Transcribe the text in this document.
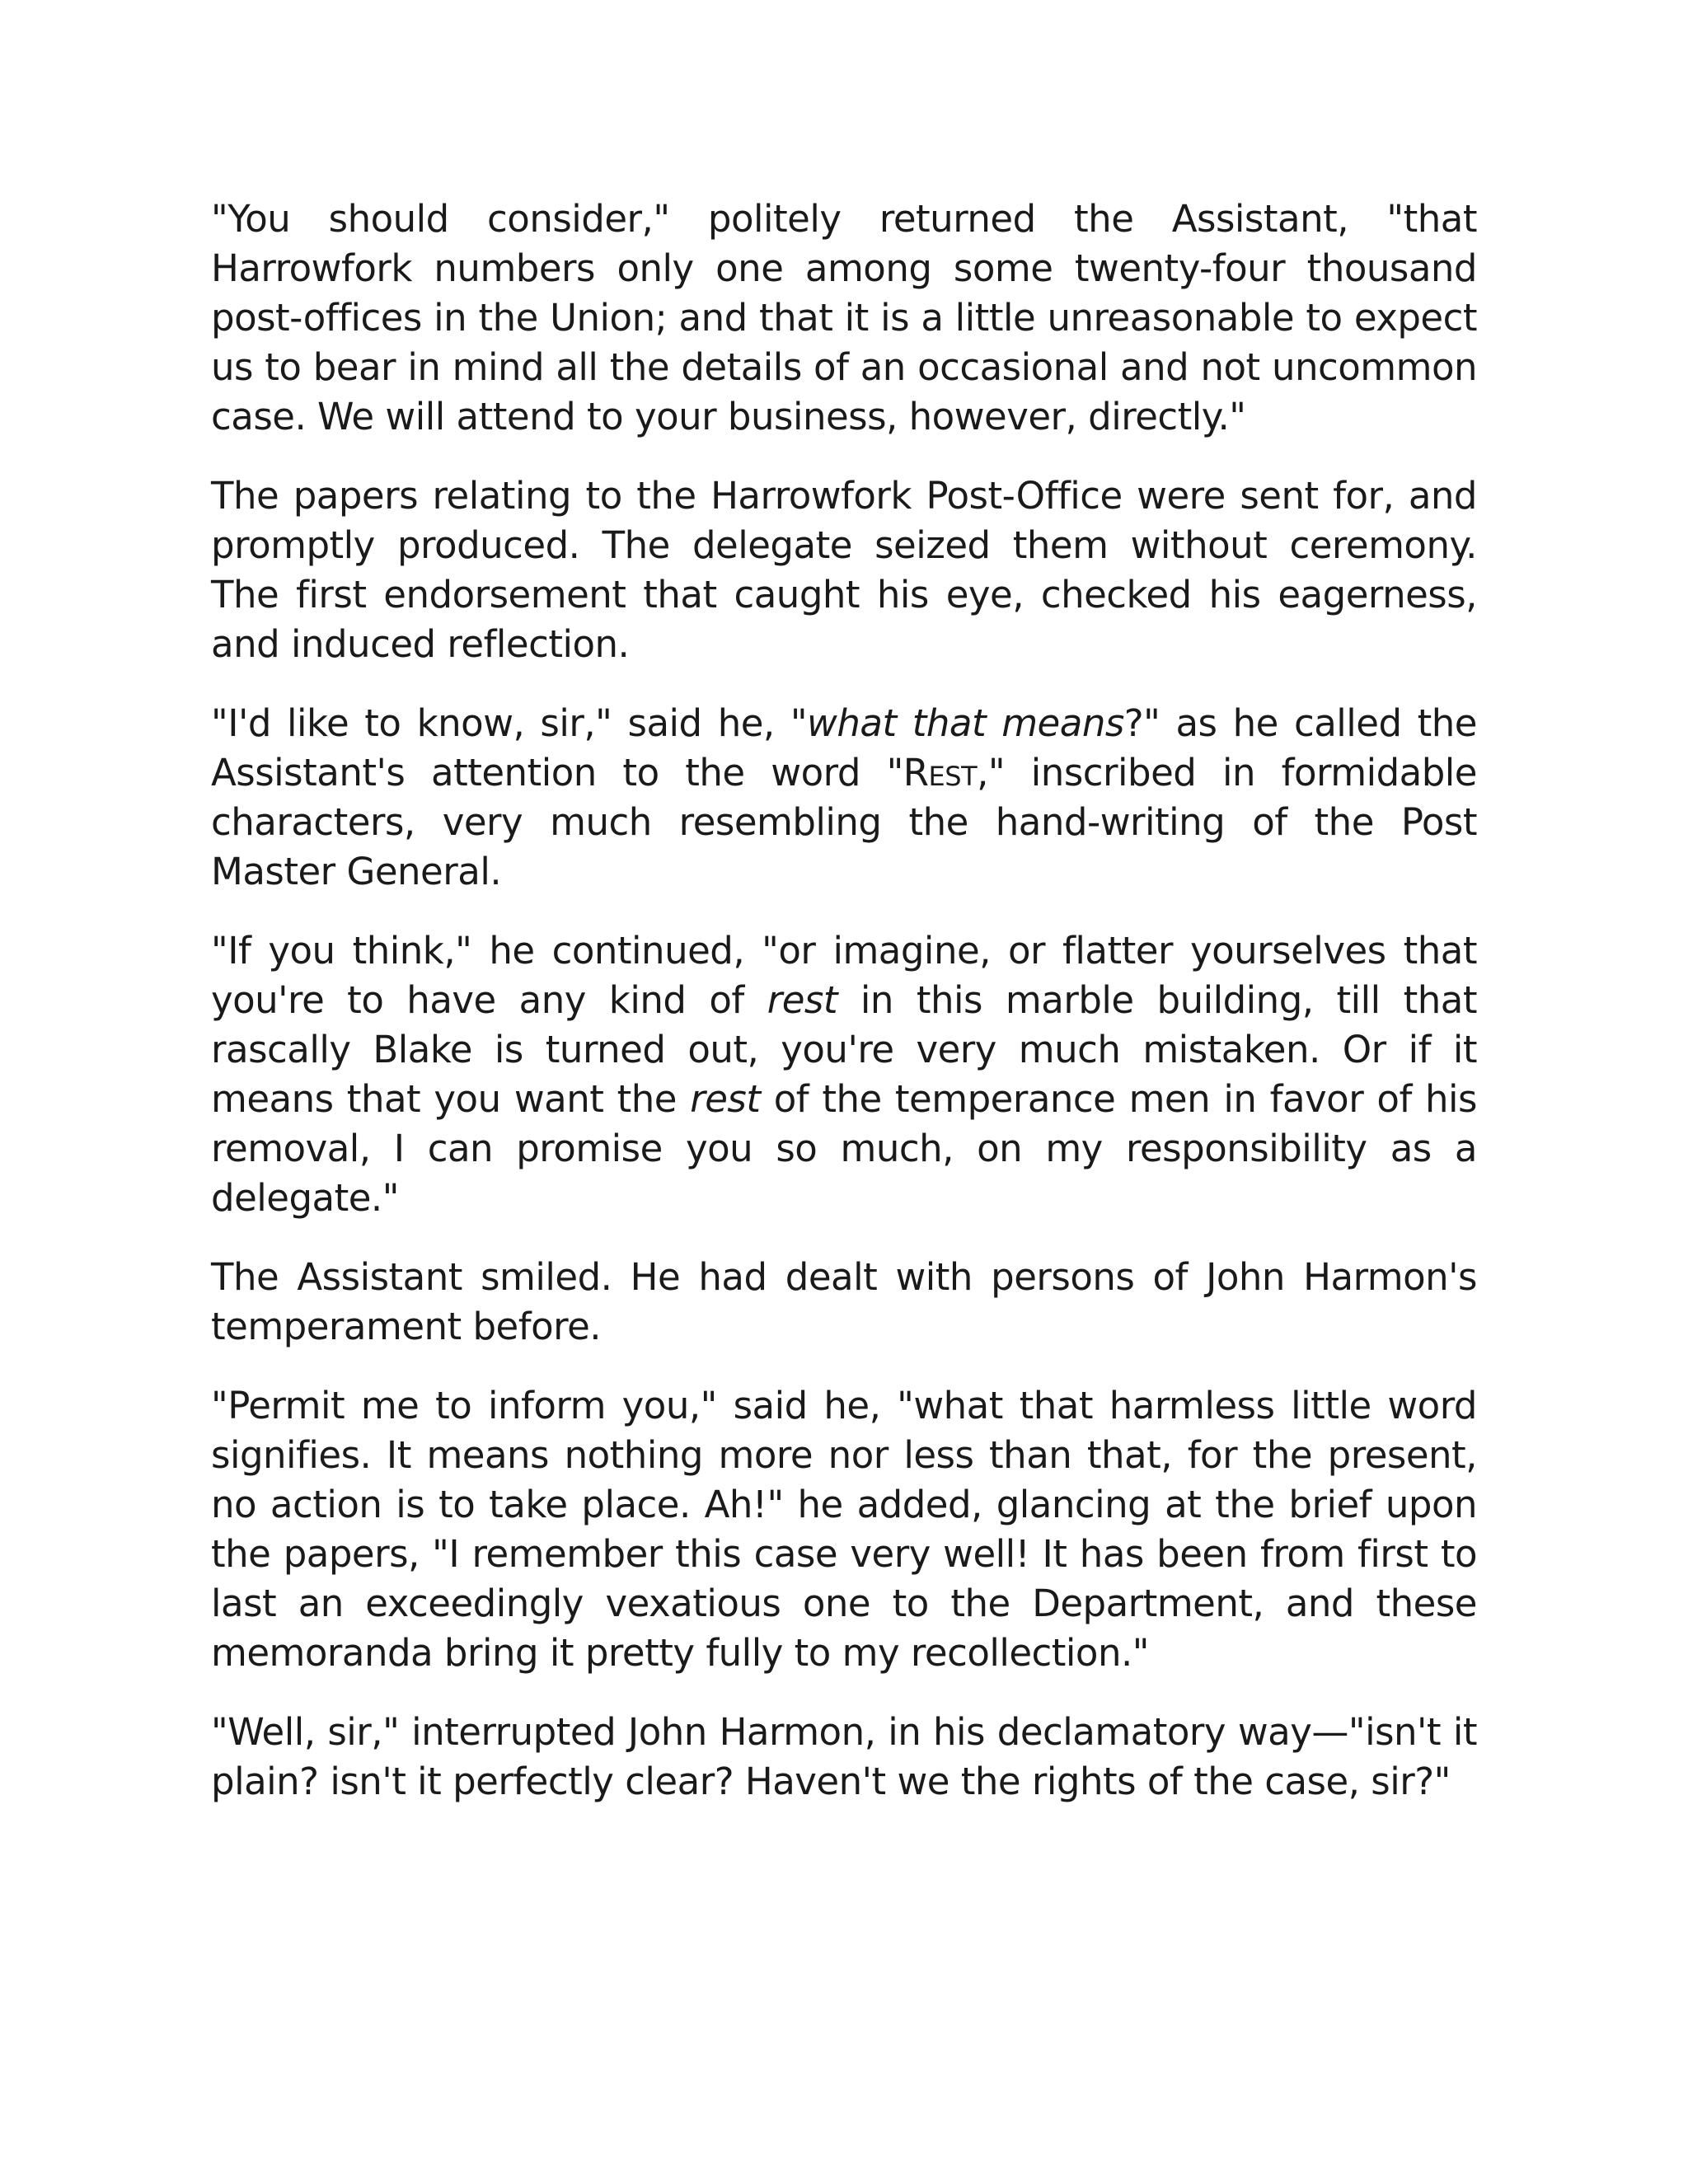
"You should consider," politely returned the Assistant, "that Harrowfork numbers only one among some twenty-four thousand post-offices in the Union; and that it is a little unreasonable to expect us to bear in mind all the details of an occasional and not uncommon case. We will attend to your business, however, directly."

The papers relating to the Harrowfork Post-Office were sent for, and promptly produced. The delegate seized them without ceremony. The first endorsement that caught his eye, checked his eagerness, and induced reflection.

"I'd like to know, sir," said he, "what that means?" as he called the Assistant's attention to the word "Rest," inscribed in formidable characters, very much resembling the hand-writing of the Post Master General.

"If you think," he continued, "or imagine, or flatter yourselves that you're to have any kind of rest in this marble building, till that rascally Blake is turned out, you're very much mistaken. Or if it means that you want the rest of the temperance men in favor of his removal, I can promise you so much, on my responsibility as a delegate."

The Assistant smiled. He had dealt with persons of John Harmon's temperament before.

"Permit me to inform you," said he, "what that harmless little word signifies. It means nothing more nor less than that, for the present, no action is to take place. Ah!" he added, glancing at the brief upon the papers, "I remember this case very well! It has been from first to last an exceedingly vexatious one to the Department, and these memoranda bring it pretty fully to my recollection."

"Well, sir," interrupted John Harmon, in his declamatory way—"isn't it plain? isn't it perfectly clear? Haven't we the rights of the case, sir?"
